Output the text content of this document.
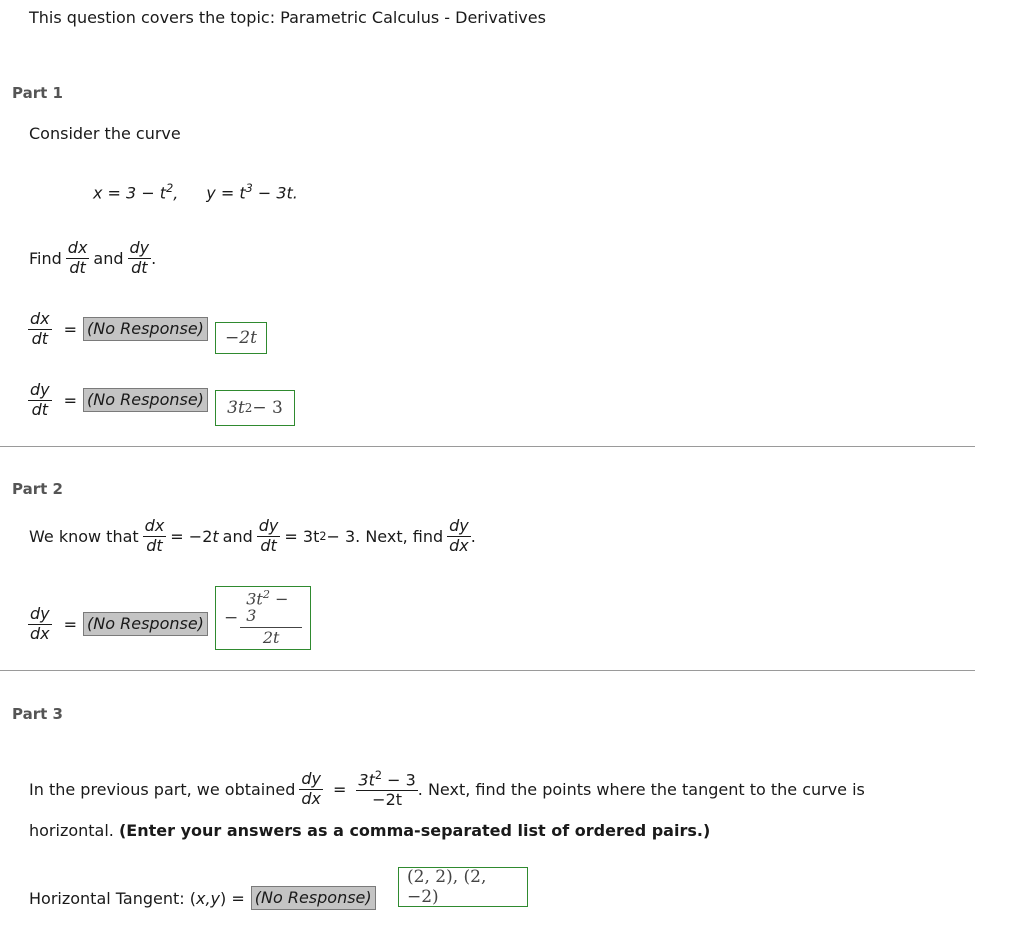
This question covers the topic: Parametric Calculus - Derivatives
Part 1
Consider the curve
$x = 3 - t^2$, $y = t^3 - 3t$.
Find $\frac{dx}{dt}$ and $\frac{dy}{dt}$ .
$\frac{dx}{dt} = (No$ Response)	−2t
$\frac{dy}{dt} = (No$ Response) 3t 2 − 3
Part 2
We know that $\frac{dx}{dt} = -2$ t and $\frac{dy}{dt} = 3t$ 2 − 3. Next, find $\frac{dy}{dx}$ .
$\frac{dy}{dx} = (No$ Response) − $\frac{3t^2 - 3}{2t}$
Part 3
In the previous part, we obtained $\frac{dy}{dx} = \frac{3t^2 - 3}{-2t}$ . Next, find the points where the tangent to the curve is
horizontal. (Enter your answers as a comma-separated list of ordered pairs.)
Horizontal Tangent: (x,y) = (No Response)
(2, 2), (2, −2)
